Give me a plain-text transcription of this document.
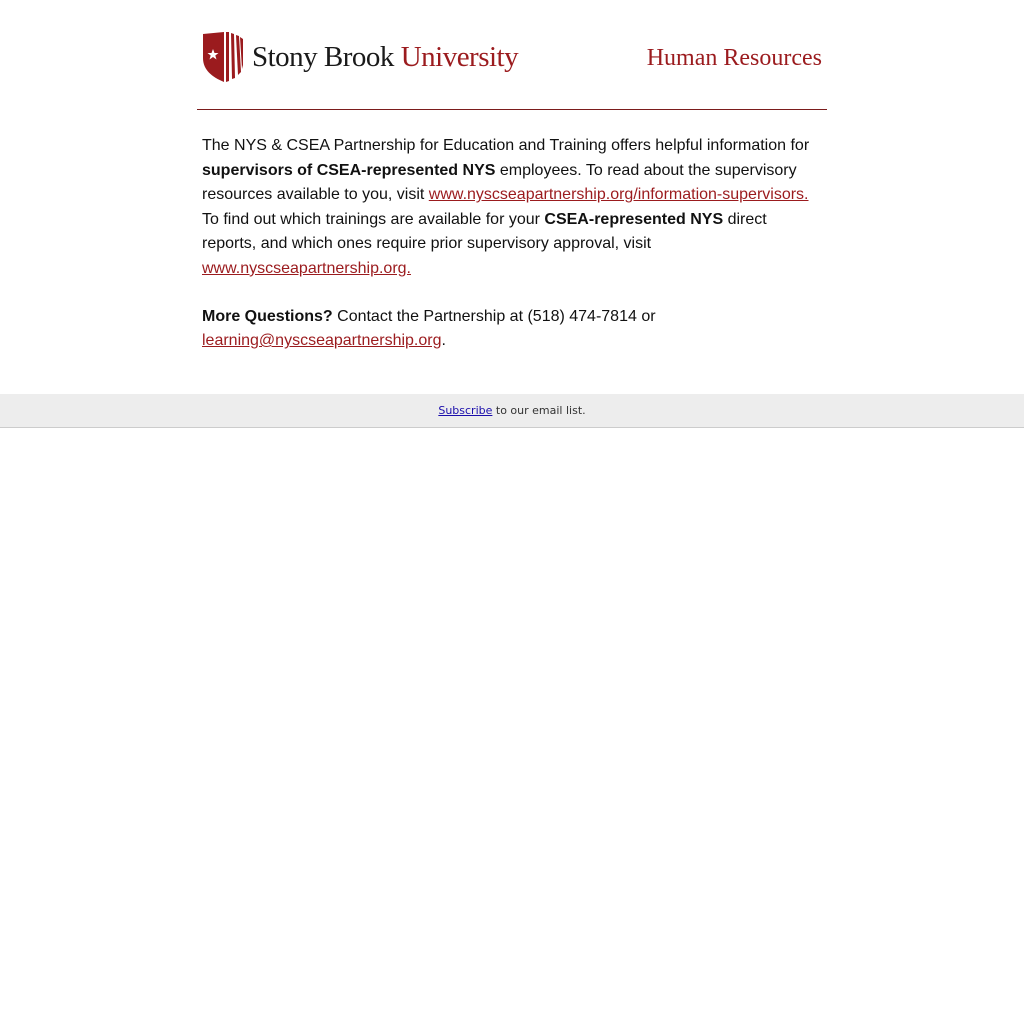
Stony Brook University	Human Resources

The NYS & CSEA Partnership for Education and Training offers helpful information for
supervisors of CSEA-represented NYS employees. To read about the supervisory
resources available to you, visit www.nyscseapartnership.org/information-supervisors.
To find out which trainings are available for your CSEA-represented NYS direct
reports, and which ones require prior supervisory approval, visit
www.nyscseapartnership.org.

More Questions? Contact the Partnership at (518) 474-7814 or
learning@nyscseapartnership.org.

Subscribe to our email list.
